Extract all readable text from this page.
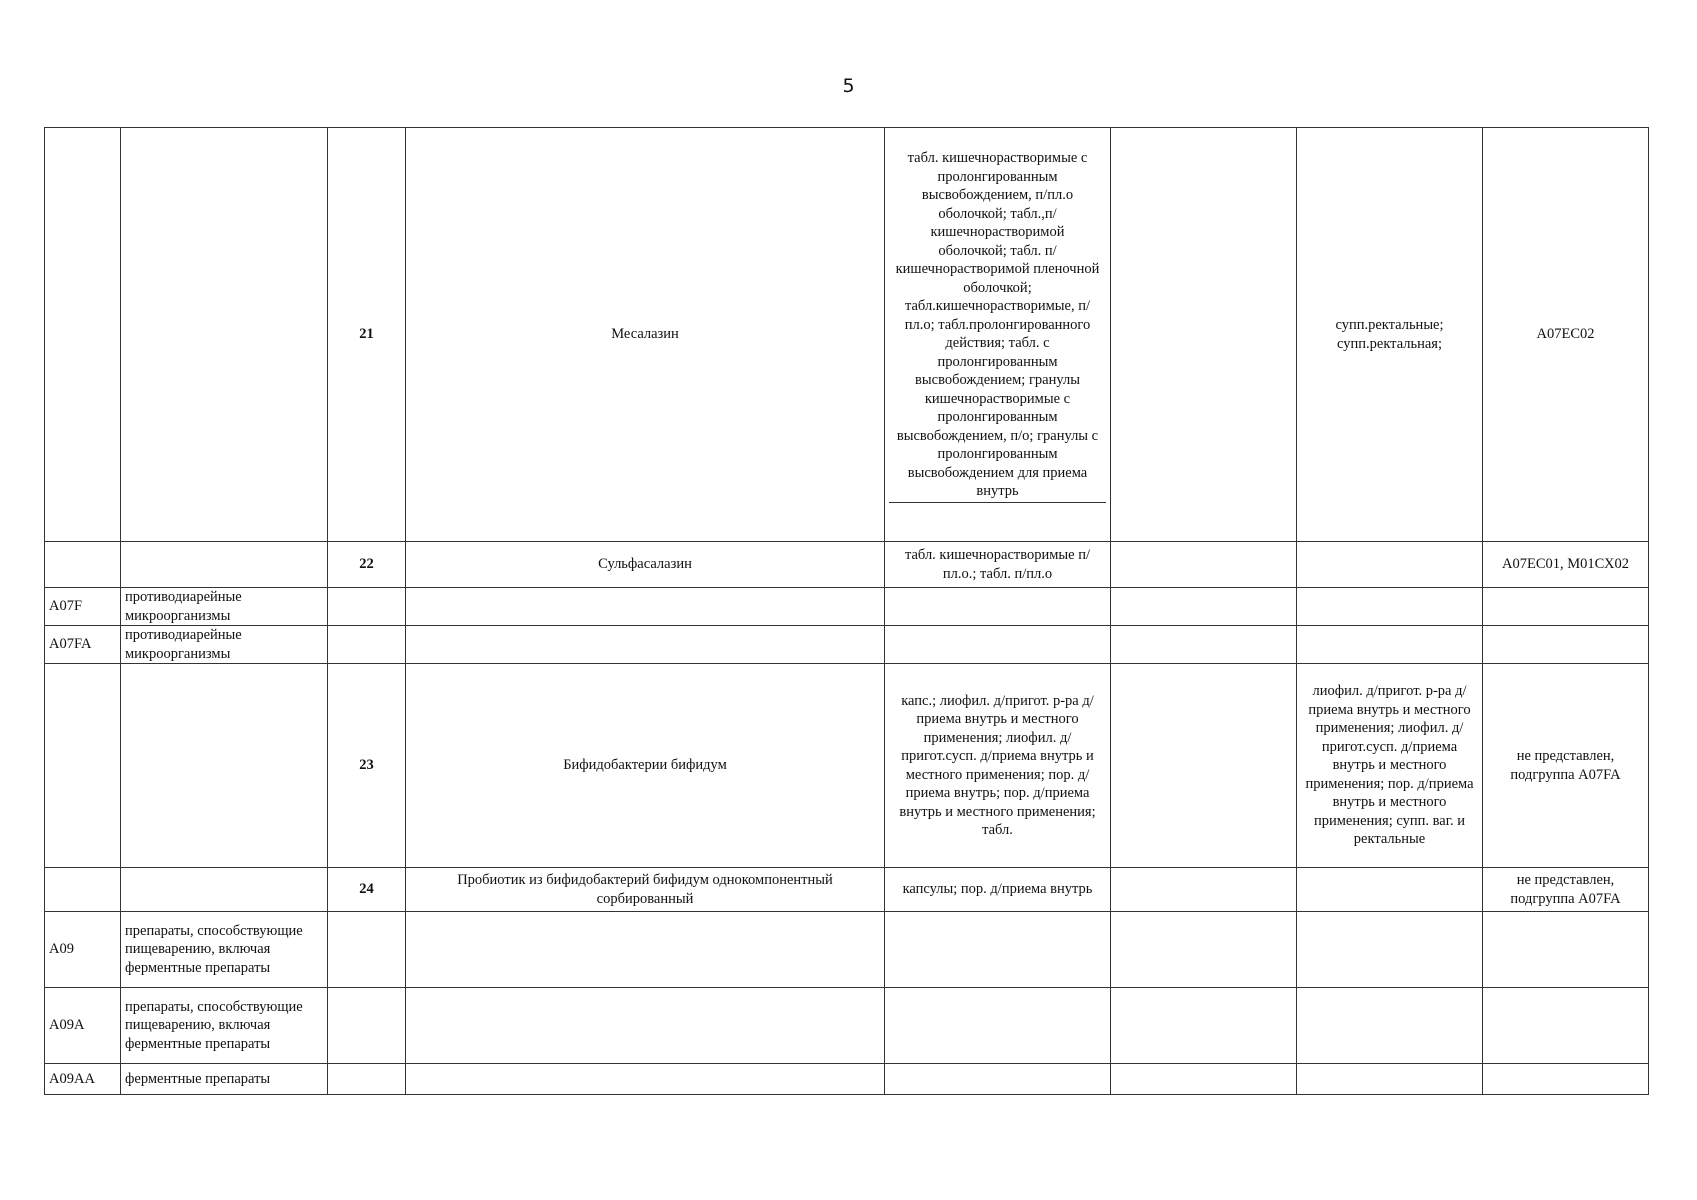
5
		21	Месалазин	табл. кишечнорастворимые с пролонгированным высвобождением, п/пл.о оболочкой; табл.,п/кишечнорастворимой оболочкой; табл. п/кишечнорастворимой пленочной оболочкой; табл.кишечнорастворимые, п/пл.о; табл.пролонгированного действия; табл. с пролонгированным высвобождением; гранулы кишечнорастворимые с пролонгированным высвобождением, п/о; гранулы с пролонгированным высвобождением для приема внутрь		супп.ректальные; супп.ректальная;	А07ЕС02
		22	Сульфасалазин	табл. кишечнорастворимые п/пл.о.; табл. п/пл.о			А07ЕС01, М01СХ02
A07F	противодиарейные микроорганизмы						
A07FA	противодиарейные микроорганизмы						
		23	Бифидобактерии бифидум	капс.; лиофил. д/пригот. р-ра д/приема внутрь и местного применения; лиофил. д/пригот.сусп. д/приема внутрь и местного применения; пор. д/приема внутрь; пор. д/приема внутрь и местного применения; табл.		лиофил. д/пригот. р-ра д/приема внутрь и местного применения; лиофил. д/пригот.сусп. д/приема внутрь и местного применения; пор. д/приема внутрь и местного применения; супп. ваг. и ректальные	не представлен, подгруппа А07FA
		24	Пробиотик из бифидобактерий бифидум однокомпонентный сорбированный	капсулы; пор. д/приема внутрь			не представлен, подгруппа А07FA
A09	препараты, способствующие пищеварению, включая ферментные препараты						
A09A	препараты, способствующие пищеварению, включая ферментные препараты						
A09AA	ферментные препараты						
